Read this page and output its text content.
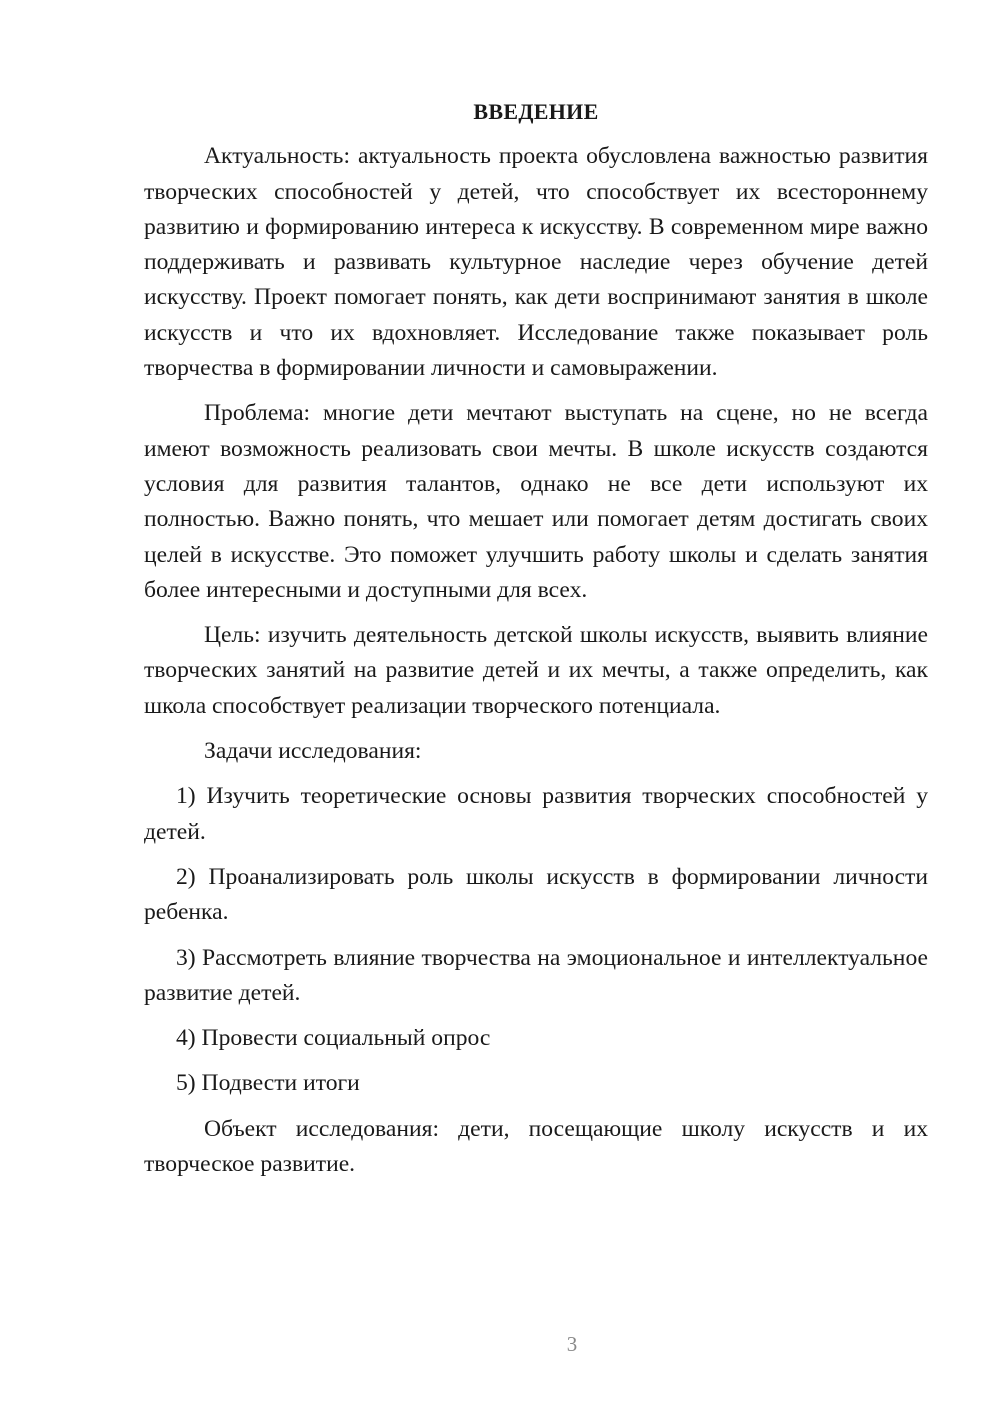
ВВЕДЕНИЕ

Актуальность: актуальность проекта обусловлена важностью развития творческих способностей у детей, что способствует их всестороннему развитию и формированию интереса к искусству. В современном мире важно поддерживать и развивать культурное наследие через обучение детей искусству. Проект помогает понять, как дети воспринимают занятия в школе искусств и что их вдохновляет. Исследование также показывает роль творчества в формировании личности и самовыражении.

Проблема: многие дети мечтают выступать на сцене, но не всегда имеют возможность реализовать свои мечты. В школе искусств создаются условия для развития талантов, однако не все дети используют их полностью. Важно понять, что мешает или помогает детям достигать своих целей в искусстве. Это поможет улучшить работу школы и сделать занятия более интересными и доступными для всех.

Цель: изучить деятельность детской школы искусств, выявить влияние творческих занятий на развитие детей и их мечты, а также определить, как школа способствует реализации творческого потенциала.

Задачи исследования:

1) Изучить теоретические основы развития творческих способностей у детей.

2) Проанализировать роль школы искусств в формировании личности ребенка.

3) Рассмотреть влияние творчества на эмоциональное и интеллектуальное развитие детей.

4) Провести социальный опрос

5) Подвести итоги

Объект исследования: дети, посещающие школу искусств и их творческое развитие.

3
